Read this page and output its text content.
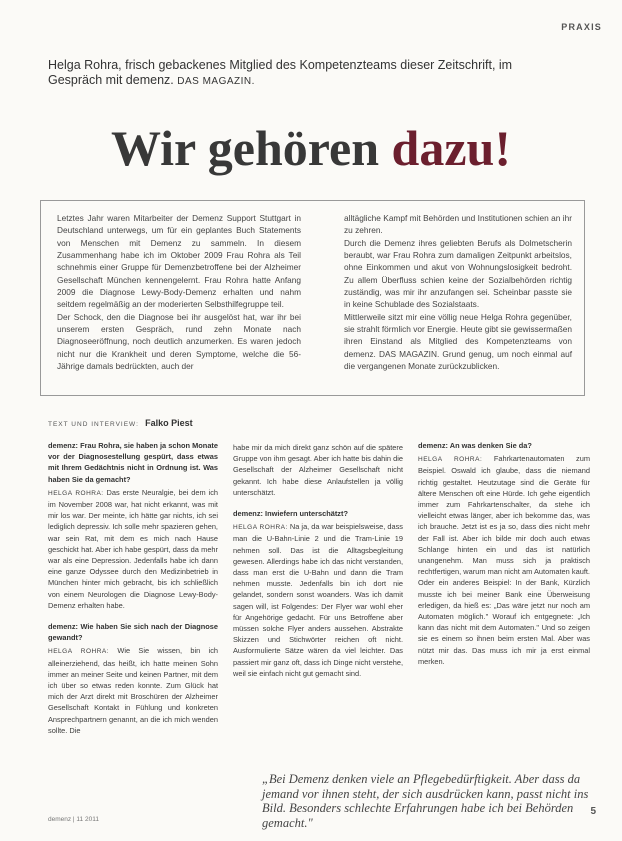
PRAXIS
Helga Rohra, frisch gebackenes Mitglied des Kompetenzteams dieser Zeitschrift, im Gespräch mit demenz. DAS MAGAZIN.
Wir gehören dazu!

Letztes Jahr waren Mitarbeiter der Demenz Support Stuttgart in Deutschland unterwegs, um für ein geplantes Buch Statements von Menschen mit Demenz zu sammeln. In diesem Zusammenhang habe ich im Oktober 2009 Frau Rohra als Teil schnehmis einer Gruppe für Demenzbetroffene bei der Alzheimer Gesellschaft München kennengelernt. Frau Rohra hatte Anfang 2009 die Diagnose Lewy-Body-Demenz erhalten und nahm seitdem regelmäßig an der moderierten Selbsthilfegruppe teil.

Der Schock, den die Diagnose bei ihr ausgelöst hat, war ihr bei unserem ersten Gespräch, rund zehn Monate nach Diagnoseeröffnung, noch deutlich anzumerken. Es waren jedoch nicht nur die Krankheit und deren Symptome, welche die 56-Jährige damals bedrückten, auch der

alltägliche Kampf mit Behörden und Institutionen schien an ihr zu zehren.

Durch die Demenz ihres geliebten Berufs als Dolmetscherin beraubt, war Frau Rohra zum damaligen Zeitpunkt arbeitslos, ohne Einkommen und akut von Wohnungslosigkeit bedroht. Zu allem Überfluss schien keine der Sozialbehörden richtig zuständig, was mir ihr anzufangen sei. Scheinbar passte sie in keine Schublade des Sozialstaats.

Mittlerweile sitzt mir eine völlig neue Helga Rohra gegenüber, sie strahlt förmlich vor Energie. Heute gibt sie gewissermaßen ihren Einstand als Mitglied des Kompetenzteams von demenz. DAS MAGAZIN. Grund genug, um noch einmal auf die vergangenen Monate zurückzublicken.

TEXT UND INTERVIEW: Falko Piest

demenz: Frau Rohra, sie haben ja schon Monate vor der Diagnosestellung gespürt, dass etwas mit Ihrem Gedächtnis nicht in Ordnung ist. Was haben Sie da gemacht?

HELGA ROHRA: Das erste Neuralgie, bei dem ich im November 2008 war, hat nicht erkannt, was mit mir los war. Der meinte, ich hätte gar nichts, ich sei lediglich depressiv. Ich solle mehr spazieren gehen, war sein Rat, mit dem es mich nach Hause geschickt hat. Aber ich habe gespürt, dass da mehr war als eine Depression. Jedenfalls habe ich dann eine ganze Odyssee durch den Medizinbetrieb in München hinter mich gebracht, bis ich schließlich von einem Neurologen die Diagnose Lewy-Body-Demenz erhalten habe.

demenz: Wie haben Sie sich nach der Diagnose gewandt?

HELGA ROHRA: Wie Sie wissen, bin ich alleinerziehend, das heißt, ich hatte meinen Sohn immer an meiner Seite und keinen Partner, mit dem ich über so etwas reden konnte. Zum Glück hat mich der Arzt direkt mit Broschüren der Alzheimer Gesellschaft Kontakt in Fühlung und konkreten Ansprechpartnern genannt, an die ich mich wenden sollte. Die

habe mir da mich direkt ganz schön auf die spätere Gruppe von ihm gesagt. Aber ich hatte bis dahin die Gesellschaft der Alzheimer Gesellschaft nicht gekannt. Ich habe diese Anlaufstellen ja völlig unterschätzt.

demenz: Inwiefern unterschätzt?

HELGA ROHRA: Na ja, da war beispielsweise, dass man die U-Bahn-Linie 2 und die Tram-Linie 19 nehmen soll. Das ist die Alltagsbegleitung gewesen. Allerdings habe ich das nicht verstanden, dass man erst die U-Bahn und dann die Tram nehmen musste. Jedenfalls bin ich dort nie gelandet, sondern sonst woanders. Was ich damit sagen will, ist Folgendes: Der Flyer war wohl eher für Angehörige gedacht. Für uns Betroffene aber müssen solche Flyer anders aussehen. Abstrakte Skizzen und Stichwörter reichen oft nicht. Ausformulierte Sätze wären da viel leichter. Das passiert mir ganz oft, dass ich Dinge nicht verstehe, weil sie einfach nicht gut gemacht sind.

demenz: An was denken Sie da?

HELGA ROHRA: Fahrkartenautomaten zum Beispiel. Oswald ich glaube, dass die niemand richtig gestaltet. Heutzutage sind die Geräte für ältere Menschen oft eine Hürde. Ich gehe eigentlich immer zum Fahrkartenschalter, da stehe ich vielleicht etwas länger, aber ich bekomme das, was ich brauche. Jetzt ist es ja so, dass dies nicht mehr der Fall ist. Aber ich bilde mir doch auch etwas Schlange hinten ein und das ist natürlich unangenehm. Man muss sich ja praktisch rechtfertigen, warum man nicht am Automaten kauft. Oder ein anderes Beispiel: In der Bank, Kürzlich musste ich bei meiner Bank eine Überweisung erledigen, da hieß es: „Das wäre jetzt nur noch am Automaten möglich." Worauf ich entgegnete: „Ich kann das nicht mit dem Automaten." Und so zeigen sie es einem so ihnen beim ersten Mal. Aber was nützt mir das. Das muss ich mir ja erst einmal merken.

„Bei Demenz denken viele an Pflegebedürftigkeit. Aber dass da jemand vor ihnen steht, der sich ausdrücken kann, passt nicht ins Bild. Besonders schlechte Erfahrungen habe ich bei Behörden gemacht."
demenz | 11 2011
5
